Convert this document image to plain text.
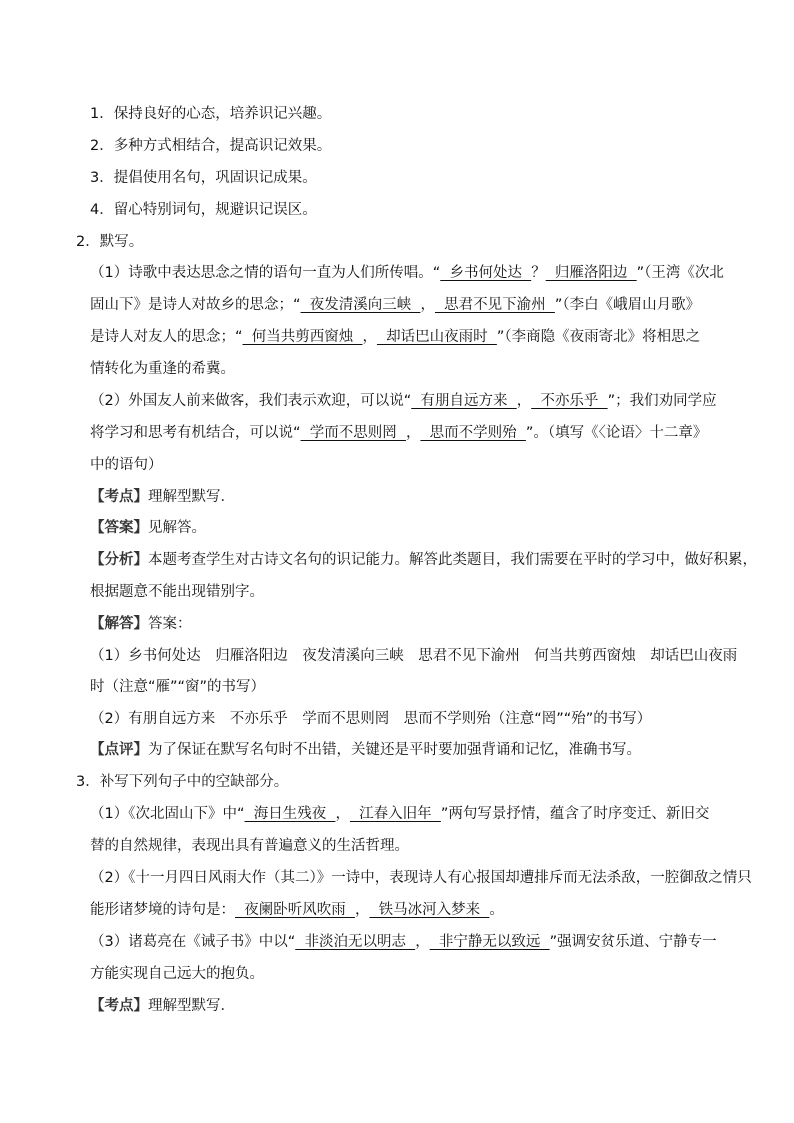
1．保持良好的心态，培养识记兴趣。
2．多种方式相结合，提高识记效果。
3．提倡使用名句，巩固识记成果。
4．留心特别词句，规避识记误区。
2．默写。
（1）诗歌中表达思念之情的语句一直为人们所传唱。“  乡书何处达  ？  归雁洛阳边  ”（王湾《次北
固山下》是诗人对故乡的思念；“  夜发清溪向三峡  ，  思君不见下渝州  ”（李白《峨眉山月歌》
是诗人对友人的思念；“  何当共剪西窗烛  ，  却话巴山夜雨时  ”（李商隐《夜雨寄北》将相思之
情转化为重逢的希冀。
（2）外国友人前来做客，我们表示欢迎，可以说“  有朋自远方来  ，  不亦乐乎  ”；我们劝同学应
将学习和思考有机结合，可以说“  学而不思则罔  ，  思而不学则殆  ”。（填写《〈论语〉十二章》
中的语句）
【考点】理解型默写．
【答案】见解答。
【分析】本题考查学生对古诗文名句的识记能力。解答此类题目，我们需要在平时的学习中，做好积累，
根据题意不能出现错别字。
【解答】答案：
（1）乡书何处达　归雁洛阳边　夜发清溪向三峡　思君不见下渝州　何当共剪西窗烛　却话巴山夜雨
时（注意“雁”“窗”的书写）
（2）有朋自远方来　不亦乐乎　学而不思则罔　思而不学则殆（注意“罔”“殆”的书写）
【点评】为了保证在默写名句时不出错，关键还是平时要加强背诵和记忆，准确书写。
3．补写下列句子中的空缺部分。
（1）《次北固山下》中“  海日生残夜  ，  江春入旧年  ”两句写景抒情，蕴含了时序变迁、新旧交
替的自然规律，表现出具有普遍意义的生活哲理。
（2）《十一月四日风雨大作（其二）》一诗中，表现诗人有心报国却遭排斥而无法杀敌，一腔御敌之情只
能形诸梦境的诗句是：  夜阑卧听风吹雨  ，  铁马冰河入梦来  。
（3）诸葛亮在《诫子书》中以“  非淡泊无以明志  ，  非宁静无以致远  ”强调安贫乐道、宁静专一
方能实现自己远大的抱负。
【考点】理解型默写．
